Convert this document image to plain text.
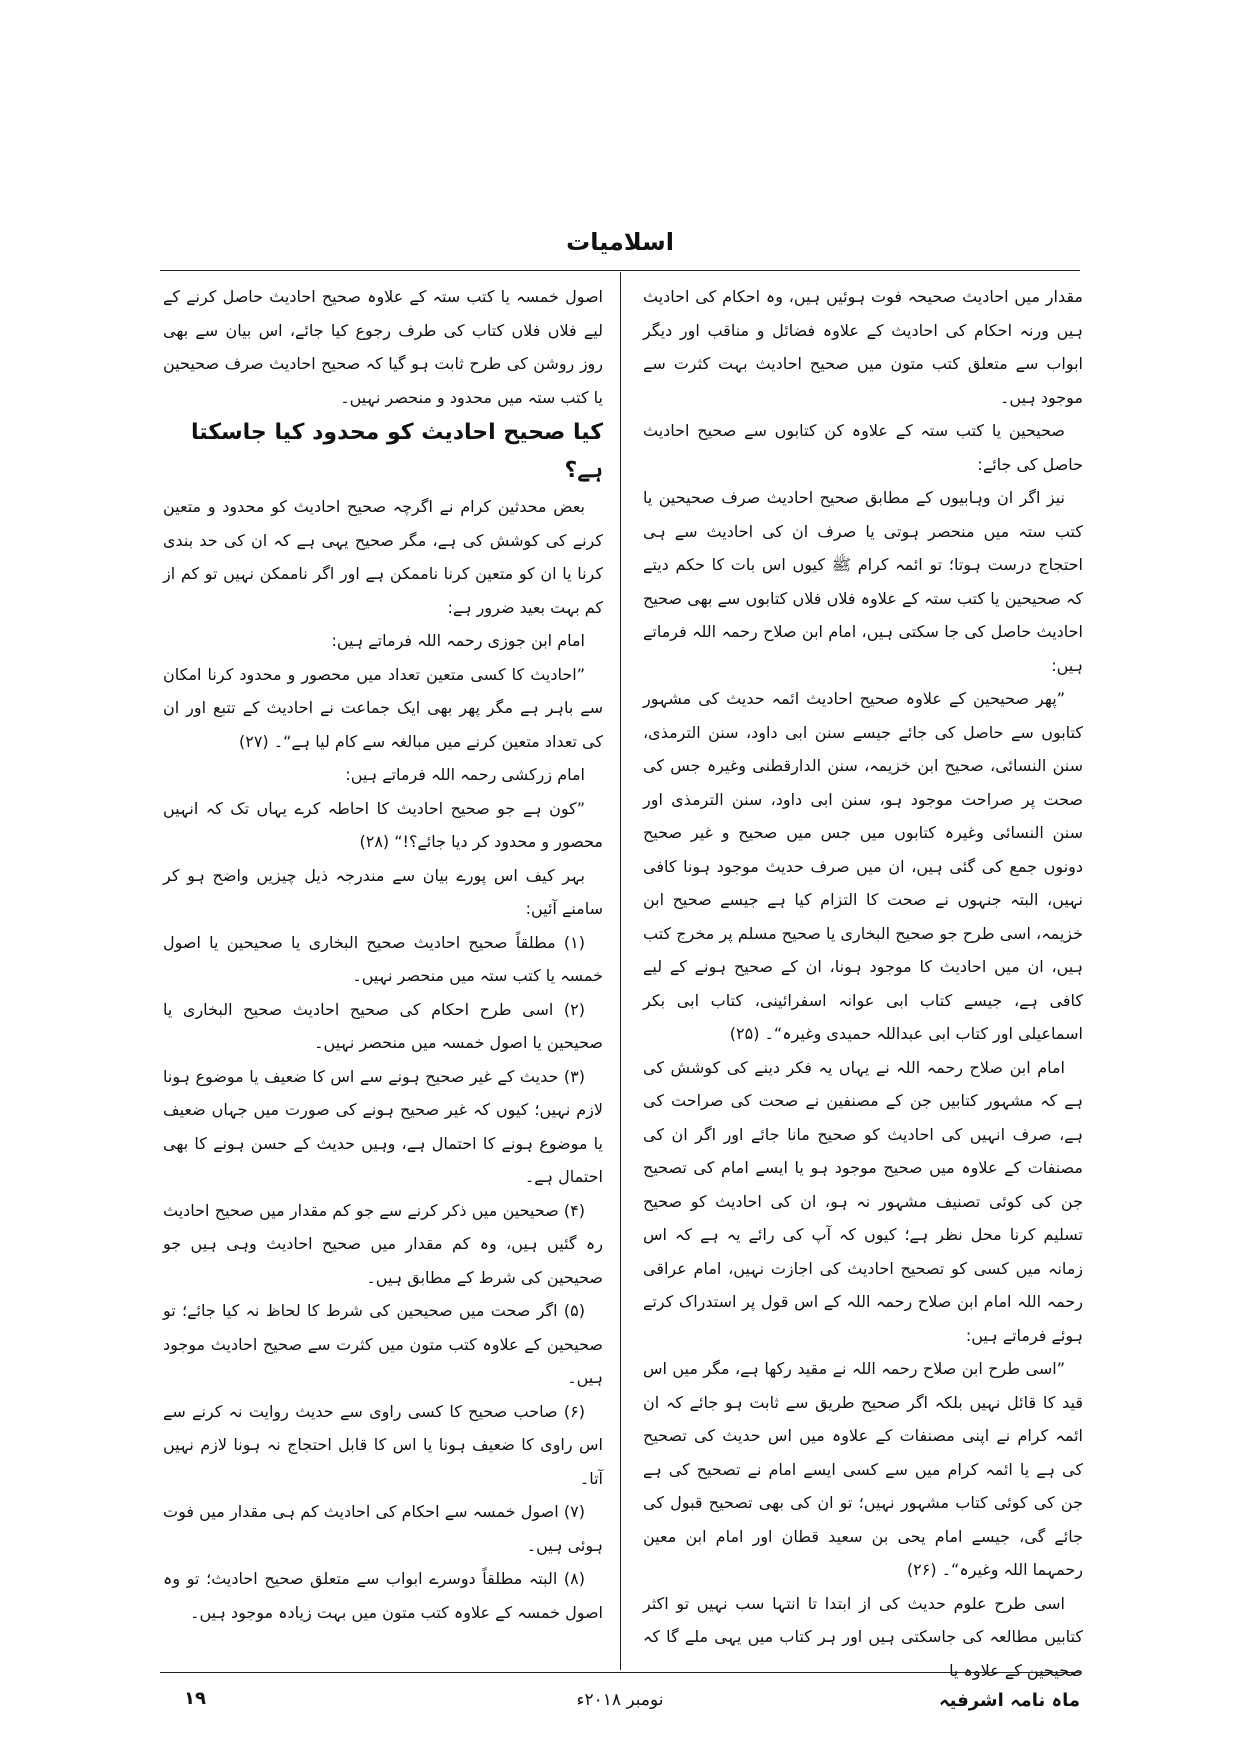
اسلامیات

مقدار میں احادیث صحیحہ فوت ہوئیں ہیں، وہ احکام کی احادیث ہیں ورنہ احکام کی احادیث کے علاوہ فضائل و مناقب اور دیگر ابواب سے متعلق کتب متون میں صحیح احادیث بہت کثرت سے موجود ہیں۔

صحیحین یا کتب ستہ کے علاوہ کن کتابوں سے صحیح احادیث حاصل کی جائے:

نیز اگر ان وہابیوں کے مطابق صحیح احادیث صرف صحیحین یا کتب ستہ میں منحصر ہوتی یا صرف ان کی احادیث سے ہی احتجاج درست ہوتا؛ تو ائمہ کرام ﷺ کیوں اس بات کا حکم دیتے کہ صحیحین یا کتب ستہ کے علاوہ فلاں فلاں کتابوں سے بھی صحیح احادیث حاصل کی جا سکتی ہیں، امام ابن صلاح رحمہ اللہ فرماتے ہیں:

”پھر صحیحین کے علاوہ صحیح احادیث ائمہ حدیث کی مشہور کتابوں سے حاصل کی جائے جیسے سنن ابی داود، سنن الترمذی، سنن النسائی، صحیح ابن خزیمہ، سنن الدارقطنی وغیرہ جس کی صحت پر صراحت موجود ہو، سنن ابی داود، سنن الترمذی اور سنن النسائی وغیرہ کتابوں میں جس میں صحیح و غیر صحیح دونوں جمع کی گئی ہیں، ان میں صرف حدیث موجود ہونا کافی نہیں، البتہ جنہوں نے صحت کا التزام کیا ہے جیسے صحیح ابن خزیمہ، اسی طرح جو صحیح البخاری یا صحیح مسلم پر مخرج کتب ہیں، ان میں احادیث کا موجود ہونا، ان کے صحیح ہونے کے لیے کافی ہے، جیسے کتاب ابی عوانہ اسفرائینی، کتاب ابی بکر اسماعیلی اور کتاب ابی عبداللہ حمیدی وغیرہ“۔ (۲۵)

امام ابن صلاح رحمہ اللہ نے یہاں یہ فکر دینے کی کوشش کی ہے کہ مشہور کتابیں جن کے مصنفین نے صحت کی صراحت کی ہے، صرف انہیں کی احادیث کو صحیح مانا جائے اور اگر ان کی مصنفات کے علاوہ میں صحیح موجود ہو یا ایسے امام کی تصحیح جن کی کوئی تصنیف مشہور نہ ہو، ان کی احادیث کو صحیح تسلیم کرنا محل نظر ہے؛ کیوں کہ آپ کی رائے یہ ہے کہ اس زمانہ میں کسی کو تصحیح احادیث کی اجازت نہیں، امام عراقی رحمہ اللہ امام ابن صلاح رحمہ اللہ کے اس قول پر استدراک کرتے ہوئے فرماتے ہیں:

”اسی طرح ابن صلاح رحمہ اللہ نے مقید رکھا ہے، مگر میں اس قید کا قائل نہیں بلکہ اگر صحیح طریق سے ثابت ہو جائے کہ ان ائمہ کرام نے اپنی مصنفات کے علاوہ میں اس حدیث کی تصحیح کی ہے یا ائمہ کرام میں سے کسی ایسے امام نے تصحیح کی ہے جن کی کوئی کتاب مشہور نہیں؛ تو ان کی بھی تصحیح قبول کی جائے گی، جیسے امام یحی بن سعید قطان اور امام ابن معین رحمہما اللہ وغیرہ“۔ (۲۶)

اسی طرح علوم حدیث کی از ابتدا تا انتہا سب نہیں تو اکثر کتابیں مطالعہ کی جاسکتی ہیں اور ہر کتاب میں یہی ملے گا کہ صحیحین کے علاوہ یا

اصول خمسہ یا کتب ستہ کے علاوہ صحیح احادیث حاصل کرنے کے لیے فلاں فلاں کتاب کی طرف رجوع کیا جائے، اس بیان سے بھی روز روشن کی طرح ثابت ہو گیا کہ صحیح احادیث صرف صحیحین یا کتب ستہ میں محدود و منحصر نہیں۔

کیا صحیح احادیث کو محدود کیا جاسکتا ہے؟

بعض محدثین کرام نے اگرچہ صحیح احادیث کو محدود و متعین کرنے کی کوشش کی ہے، مگر صحیح یہی ہے کہ ان کی حد بندی کرنا یا ان کو متعین کرنا ناممکن ہے اور اگر ناممکن نہیں تو کم از کم بہت بعید ضرور ہے:

امام ابن جوزی رحمہ اللہ فرماتے ہیں:

”احادیث کا کسی متعین تعداد میں محصور و محدود کرنا امکان سے باہر ہے مگر پھر بھی ایک جماعت نے احادیث کے تتبع اور ان کی تعداد متعین کرنے میں مبالغہ سے کام لیا ہے“۔ (۲۷)

امام زرکشی رحمہ اللہ فرماتے ہیں:

”کون ہے جو صحیح احادیث کا احاطہ کرے یہاں تک کہ انہیں محصور و محدود کر دیا جائے؟!“ (۲۸)

بہر کیف اس پورے بیان سے مندرجہ ذیل چیزیں واضح ہو کر سامنے آئیں:

(۱) مطلقاً صحیح احادیث صحیح البخاری یا صحیحین یا اصول خمسہ یا کتب ستہ میں منحصر نہیں۔

(۲) اسی طرح احکام کی صحیح احادیث صحیح البخاری یا صحیحین یا اصول خمسہ میں منحصر نہیں۔

(۳) حدیث کے غیر صحیح ہونے سے اس کا ضعیف یا موضوع ہونا لازم نہیں؛ کیوں کہ غیر صحیح ہونے کی صورت میں جہاں ضعیف یا موضوع ہونے کا احتمال ہے، وہیں حدیث کے حسن ہونے کا بھی احتمال ہے۔

(۴) صحیحین میں ذکر کرنے سے جو کم مقدار میں صحیح احادیث رہ گئیں ہیں، وہ کم مقدار میں صحیح احادیث وہی ہیں جو صحیحین کی شرط کے مطابق ہیں۔

(۵) اگر صحت میں صحیحین کی شرط کا لحاظ نہ کیا جائے؛ تو صحیحین کے علاوہ کتب متون میں کثرت سے صحیح احادیث موجود ہیں۔

(۶) صاحب صحیح کا کسی راوی سے حدیث روایت نہ کرنے سے اس راوی کا ضعیف ہونا یا اس کا قابل احتجاج نہ ہونا لازم نہیں آتا۔

(۷) اصول خمسہ سے احکام کی احادیث کم ہی مقدار میں فوت ہوئی ہیں۔

(۸) البتہ مطلقاً دوسرے ابواب سے متعلق صحیح احادیث؛ تو وہ اصول خمسہ کے علاوہ کتب متون میں بہت زیادہ موجود ہیں۔

ماہ نامہ اشرفیہ
نومبر ۲۰۱۸ء
۱۹
